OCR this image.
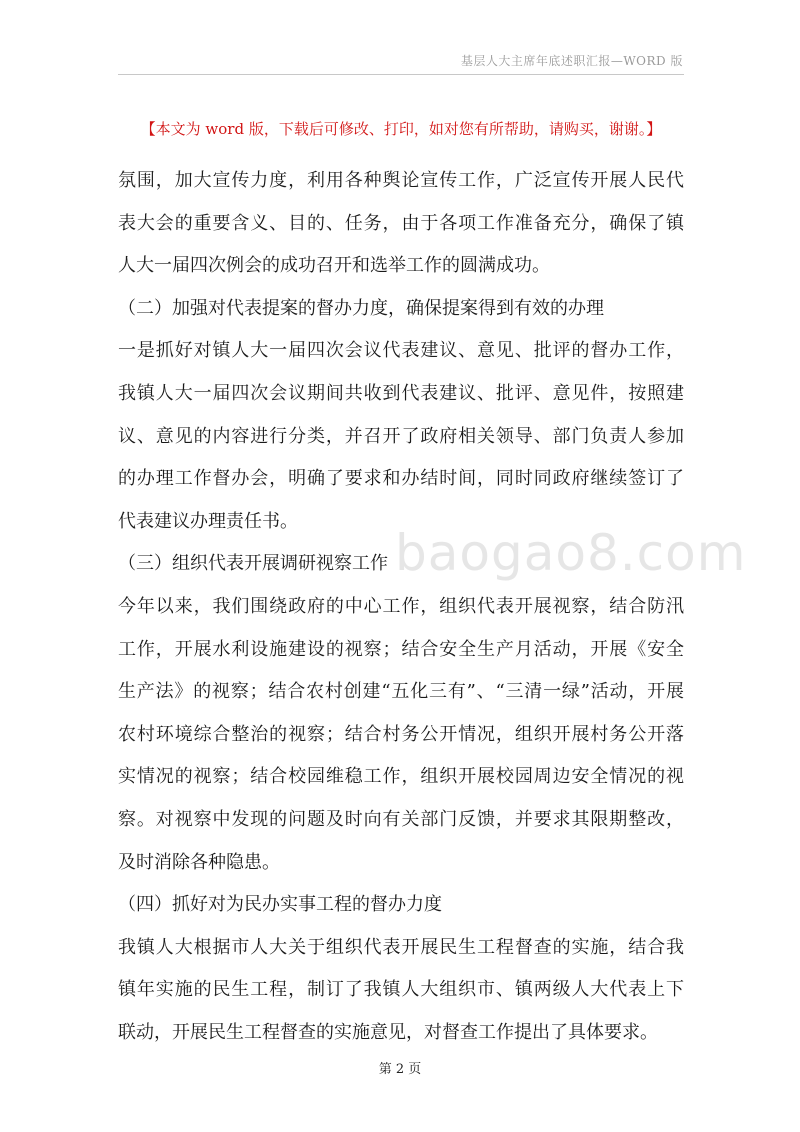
基层人大主席年底述职汇报—WORD 版
【本文为 word 版，下载后可修改、打印，如对您有所帮助，请购买，谢谢。】
baogao8.com
氛围，加大宣传力度，利用各种舆论宣传工作，广泛宣传开展人民代
表大会的重要含义、目的、任务，由于各项工作准备充分，确保了镇
人大一届四次例会的成功召开和选举工作的圆满成功。
（二）加强对代表提案的督办力度，确保提案得到有效的办理
一是抓好对镇人大一届四次会议代表建议、意见、批评的督办工作，
我镇人大一届四次会议期间共收到代表建议、批评、意见件，按照建
议、意见的内容进行分类，并召开了政府相关领导、部门负责人参加
的办理工作督办会，明确了要求和办结时间，同时同政府继续签订了
代表建议办理责任书。
（三）组织代表开展调研视察工作
今年以来，我们围绕政府的中心工作，组织代表开展视察，结合防汛
工作，开展水利设施建设的视察；结合安全生产月活动，开展《安全
生产法》的视察；结合农村创建“五化三有”、“三清一绿”活动，开展
农村环境综合整治的视察；结合村务公开情况，组织开展村务公开落
实情况的视察；结合校园维稳工作，组织开展校园周边安全情况的视
察。对视察中发现的问题及时向有关部门反馈，并要求其限期整改，
及时消除各种隐患。
（四）抓好对为民办实事工程的督办力度
我镇人大根据市人大关于组织代表开展民生工程督查的实施，结合我
镇年实施的民生工程，制订了我镇人大组织市、镇两级人大代表上下
联动，开展民生工程督查的实施意见，对督查工作提出了具体要求。
第 2 页
